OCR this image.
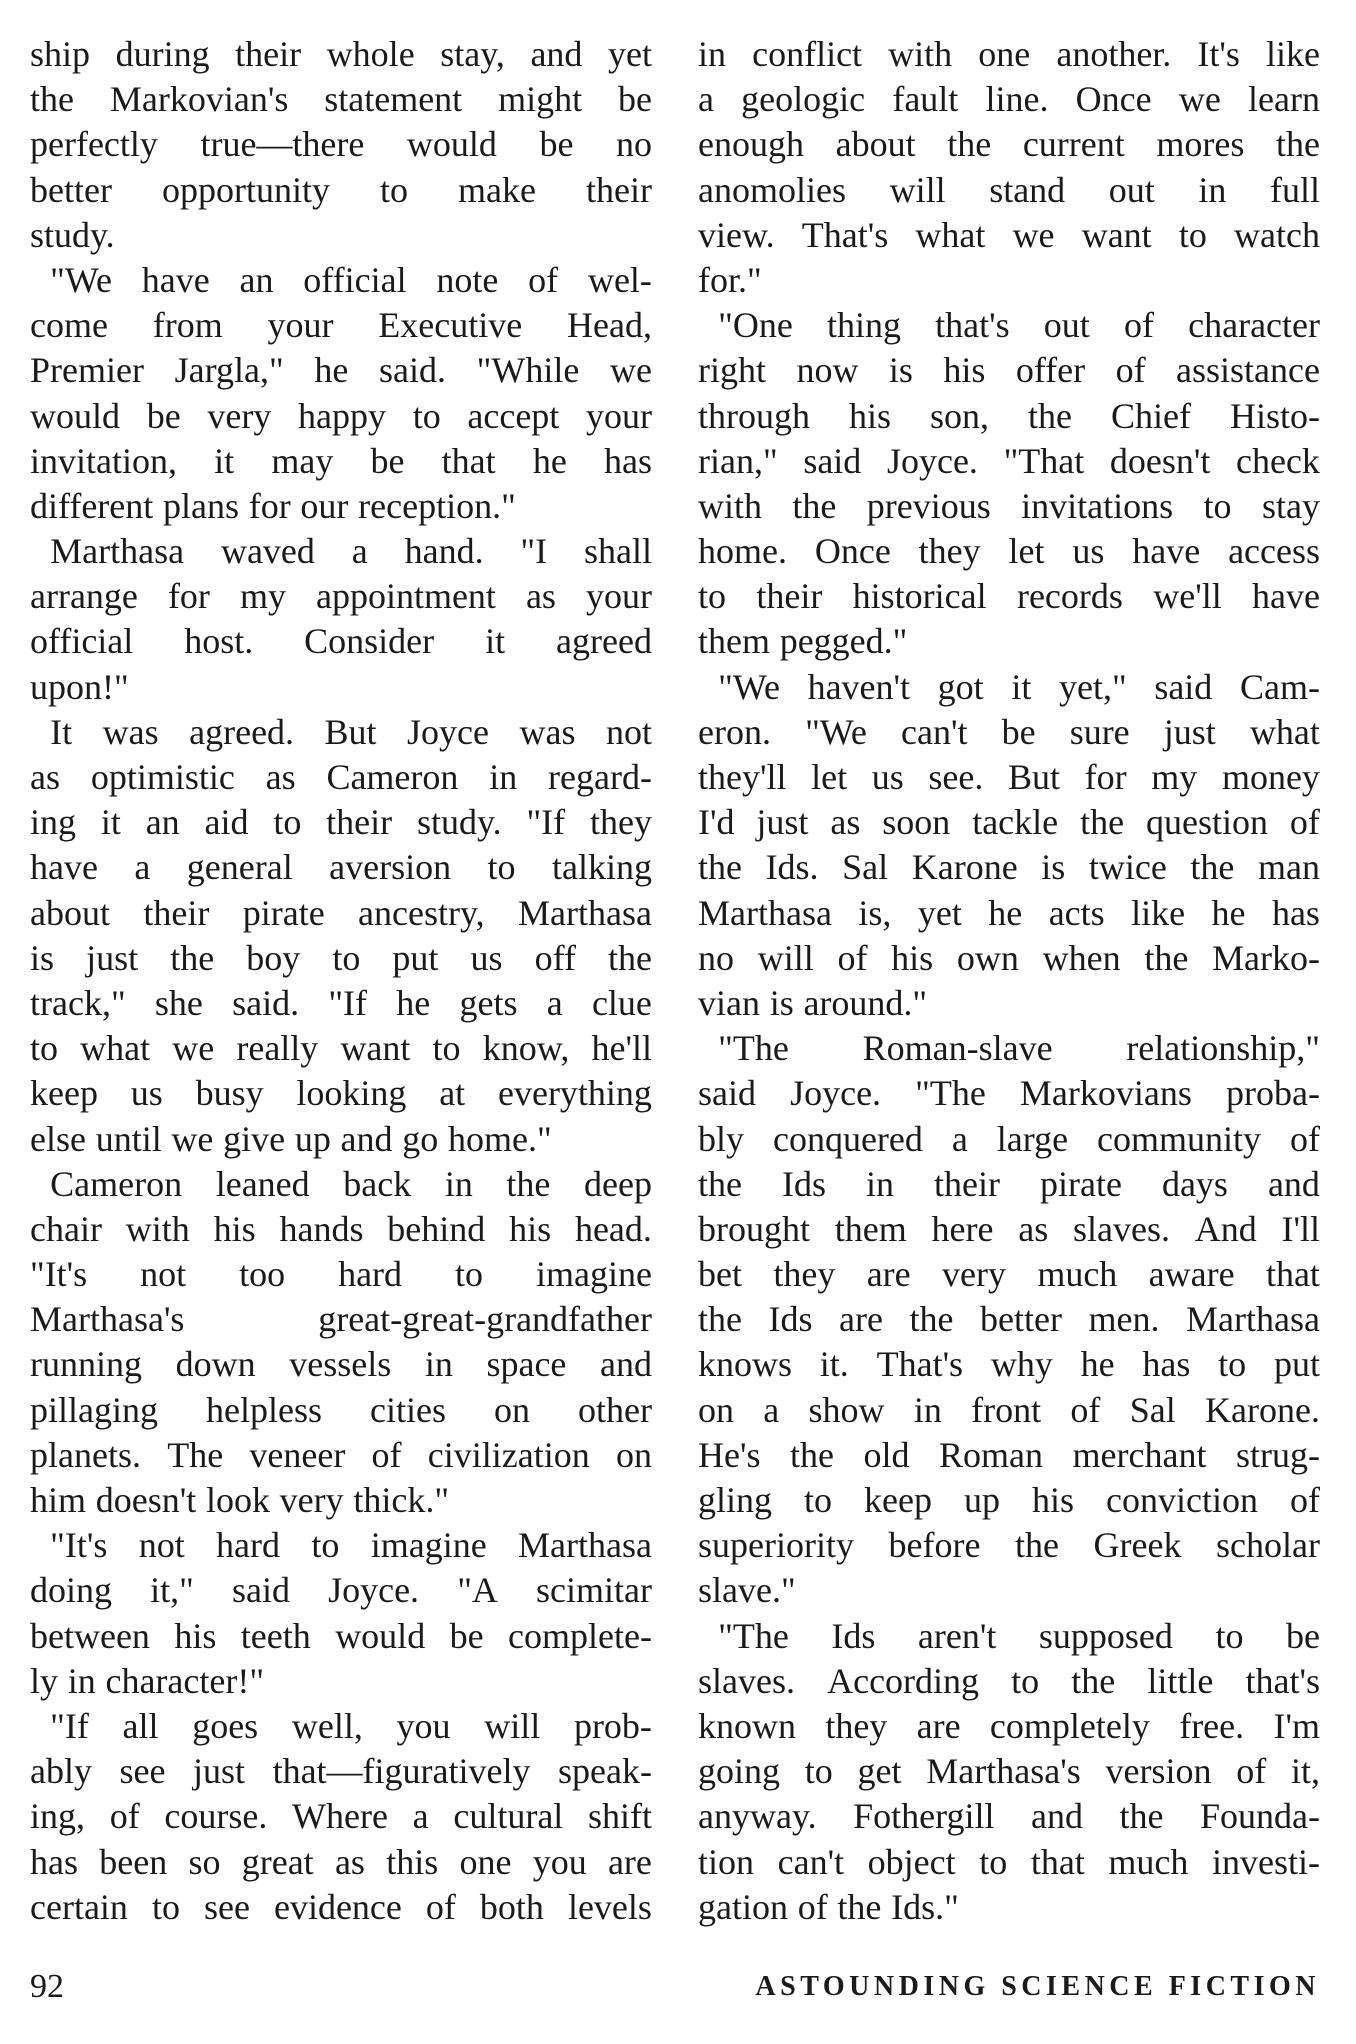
ship during their whole stay, and yet
the Markovian's statement might be
perfectly true—there would be no
better opportunity to make their
study.
"We have an official note of wel-
come from your Executive Head,
Premier Jargla," he said. "While we
would be very happy to accept your
invitation, it may be that he has
different plans for our reception."
Marthasa waved a hand. "I shall
arrange for my appointment as your
official host. Consider it agreed
upon!"
It was agreed. But Joyce was not
as optimistic as Cameron in regard-
ing it an aid to their study. "If they
have a general aversion to talking
about their pirate ancestry, Marthasa
is just the boy to put us off the
track," she said. "If he gets a clue
to what we really want to know, he'll
keep us busy looking at everything
else until we give up and go home."
Cameron leaned back in the deep
chair with his hands behind his head.
"It's not too hard to imagine
Marthasa's	great-great-grandfather
running down vessels in space and
pillaging helpless cities on other
planets. The veneer of civilization on
him doesn't look very thick."
"It's not hard to imagine Marthasa
doing it," said Joyce. "A scimitar
between his teeth would be complete-
ly in character!"
"If all goes well, you will prob-
ably see just that—figuratively speak-
ing, of course. Where a cultural shift
has been so great as this one you are
certain to see evidence of both levels
in conflict with one another. It's like
a geologic fault line. Once we learn
enough about the current mores the
anomolies will stand out in full
view. That's what we want to watch
for."
"One thing that's out of character
right now is his offer of assistance
through his son, the Chief Histo-
rian," said Joyce. "That doesn't check
with the previous invitations to stay
home. Once they let us have access
to their historical records we'll have
them pegged."
"We haven't got it yet," said Cam-
eron. "We can't be sure just what
they'll let us see. But for my money
I'd just as soon tackle the question of
the Ids. Sal Karone is twice the man
Marthasa is, yet he acts like he has
no will of his own when the Marko-
vian is around."
"The Roman-slave relationship,"
said Joyce. "The Markovians proba-
bly conquered a large community of
the Ids in their pirate days and
brought them here as slaves. And I'll
bet they are very much aware that
the Ids are the better men. Marthasa
knows it. That's why he has to put
on a show in front of Sal Karone.
He's the old Roman merchant strug-
gling to keep up his conviction of
superiority before the Greek scholar
slave."
"The Ids aren't supposed to be
slaves. According to the little that's
known they are completely free. I'm
going to get Marthasa's version of it,
anyway. Fothergill and the Founda-
tion can't object to that much investi-
gation of the Ids."
92	ASTOUNDING SCIENCE FICTION
